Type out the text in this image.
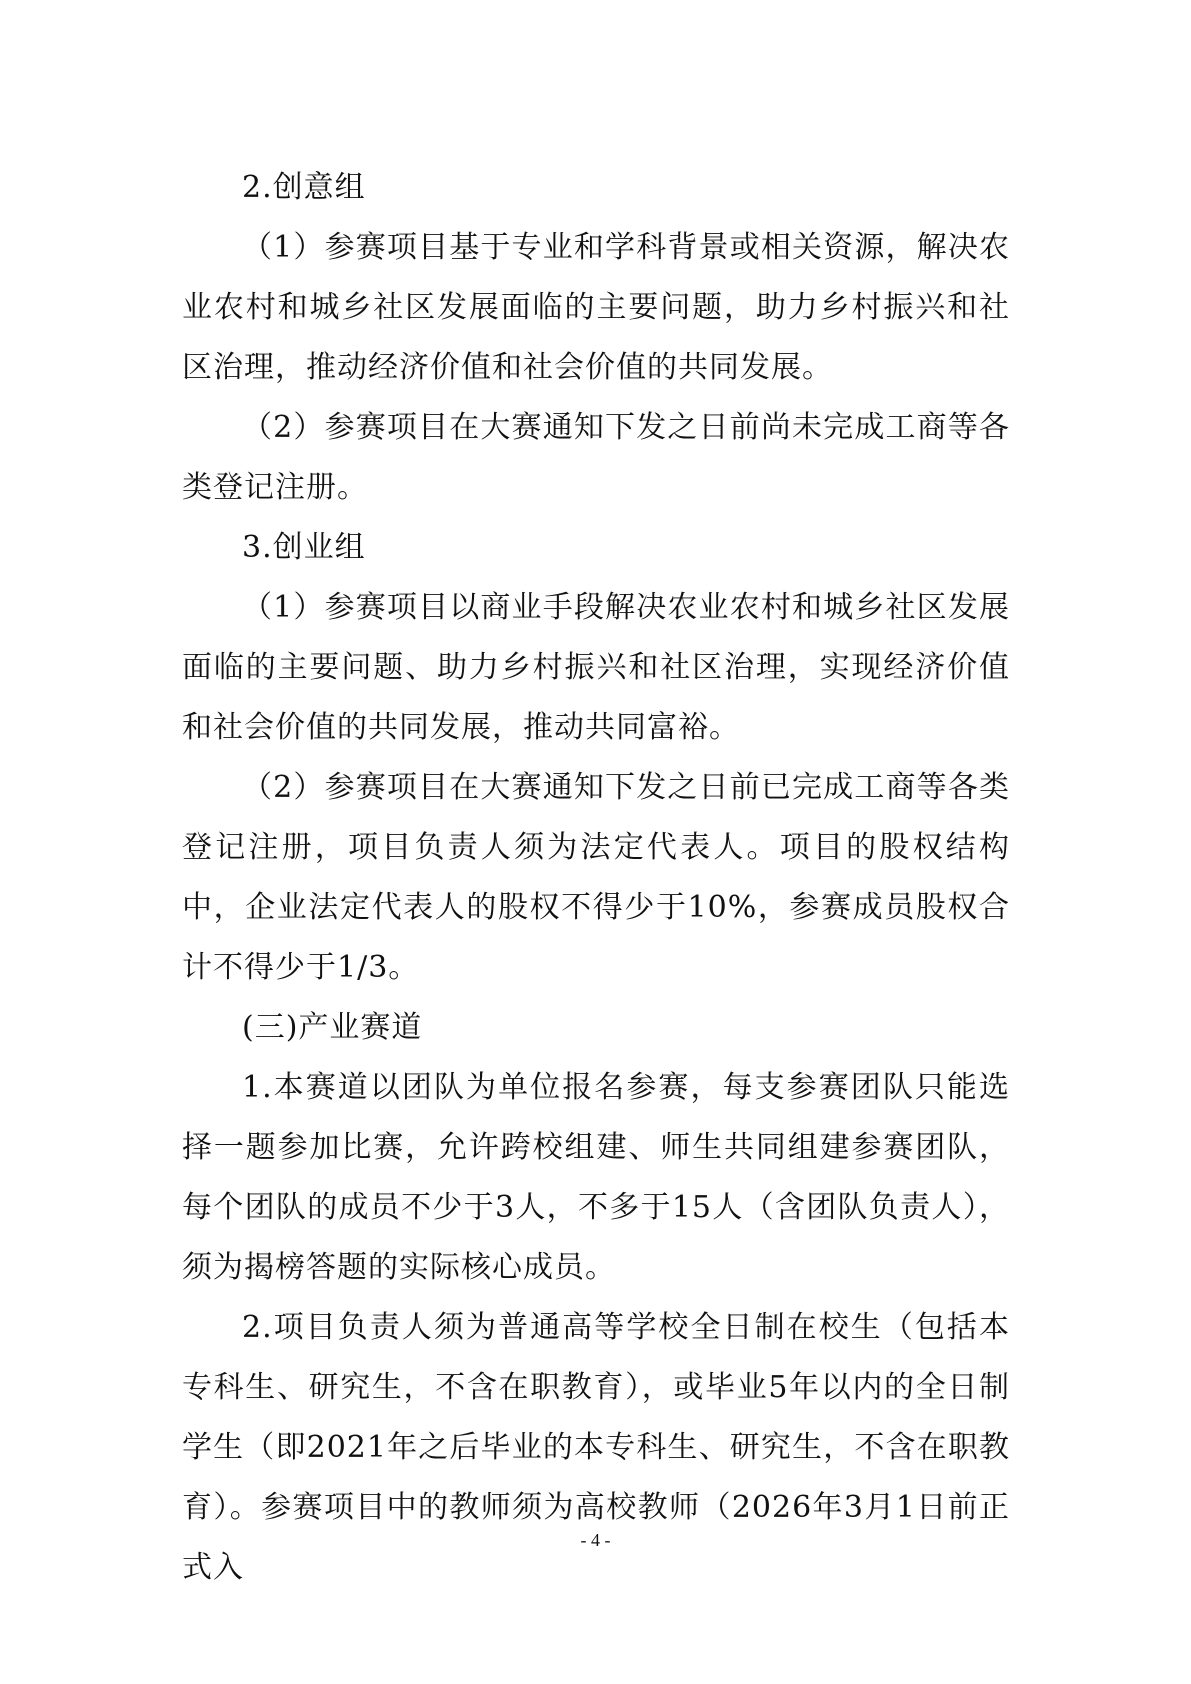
2.创意组

（1）参赛项目基于专业和学科背景或相关资源，解决农业农村和城乡社区发展面临的主要问题，助力乡村振兴和社区治理，推动经济价值和社会价值的共同发展。

（2）参赛项目在大赛通知下发之日前尚未完成工商等各类登记注册。

3.创业组

（1）参赛项目以商业手段解决农业农村和城乡社区发展面临的主要问题、助力乡村振兴和社区治理，实现经济价值和社会价值的共同发展，推动共同富裕。

（2）参赛项目在大赛通知下发之日前已完成工商等各类登记注册，项目负责人须为法定代表人。项目的股权结构中，企业法定代表人的股权不得少于10%，参赛成员股权合计不得少于1/3。

(三)产业赛道

1.本赛道以团队为单位报名参赛，每支参赛团队只能选择一题参加比赛，允许跨校组建、师生共同组建参赛团队，每个团队的成员不少于3人，不多于15人（含团队负责人），须为揭榜答题的实际核心成员。

2.项目负责人须为普通高等学校全日制在校生（包括本专科生、研究生，不含在职教育），或毕业5年以内的全日制学生（即2021年之后毕业的本专科生、研究生，不含在职教育）。参赛项目中的教师须为高校教师（2026年3月1日前正式入

- 4 -
